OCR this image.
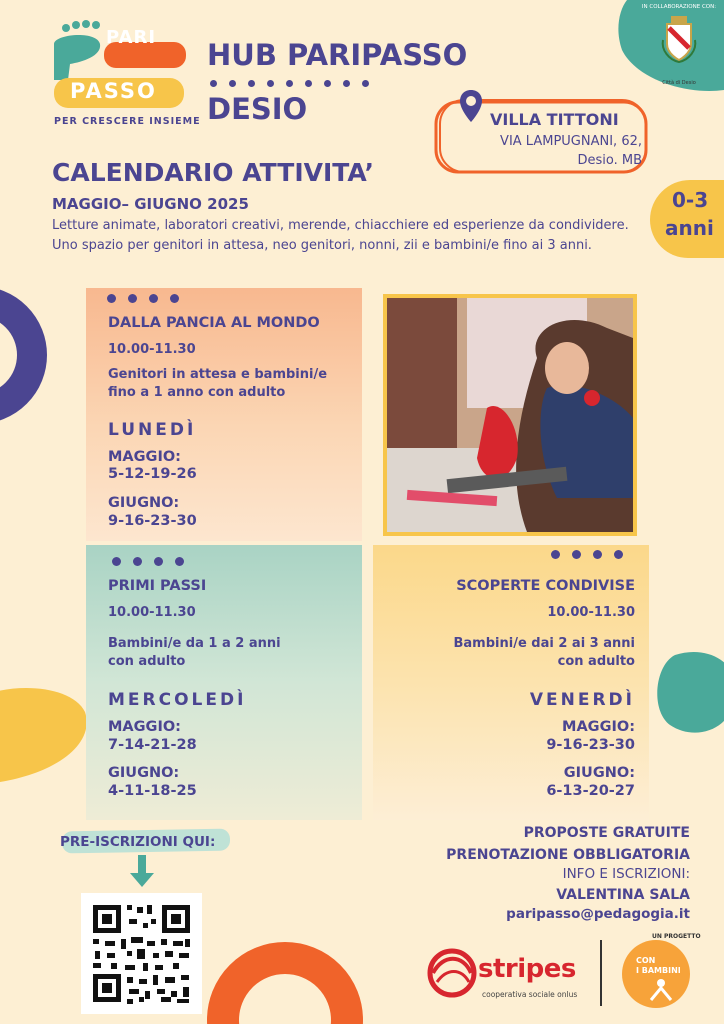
IN COLLABORAZIONE CON:
Città di Desio
PARI
PASSO
PER CRESCERE INSIEME
HUB PARIPASSO
DESIO	VILLA TITTONI
VIA LAMPUGNANI, 62,
Desio. MB
CALENDARIO ATTIVITA’
MAGGIO– GIUGNO 2025
Letture animate, laboratori creativi, merende, chiacchiere ed esperienze da condividere. Uno spazio per genitori in attesa, neo genitori, nonni, zii e bambini/e fino ai 3 anni.
0-3
anni
DALLA PANCIA AL MONDO
10.00-11.30
Genitori in attesa e bambini/e
fino a 1 anno con adulto
LUNEDÌ
MAGGIO:
5-12-19-26
GIUGNO:
9-16-23-30
PRIMI PASSI
10.00-11.30
Bambini/e da 1 a 2 anni
con adulto
MERCOLEDÌ
MAGGIO:
7-14-21-28
GIUGNO:
4-11-18-25
SCOPERTE CONDIVISE
10.00-11.30
Bambini/e dai 2 ai 3 anni
con adulto
VENERDÌ
MAGGIO:
9-16-23-30
GIUGNO:
6-13-20-27
PRE-ISCRIZIONI QUI:
PROPOSTE GRATUITE
PRENOTAZIONE OBBLIGATORIA
INFO E ISCRIZIONI:
VALENTINA SALA
paripasso@pedagogia.it
stripes
cooperativa sociale onlus
UN PROGETTO
CON
I BAMBINI
